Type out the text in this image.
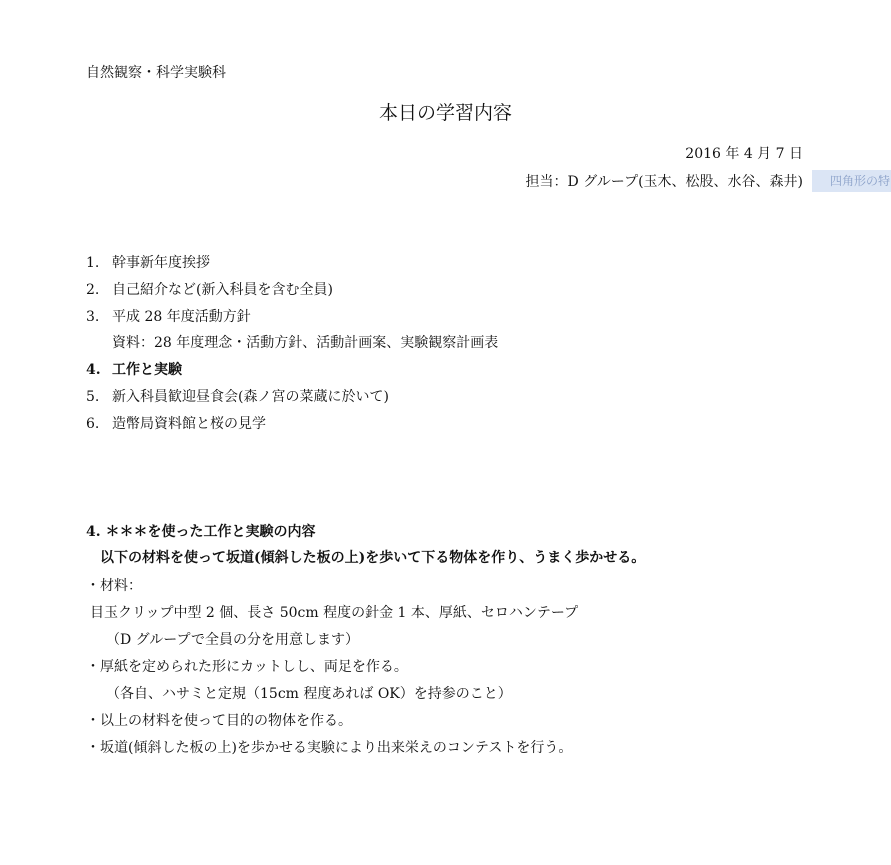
自然観察・科学実験科
本日の学習内容
2016 年 4 月 7 日
担当：D グループ(玉木、松股、水谷、森井)	四角形の特
1. 幹事新年度挨拶
2. 自己紹介など(新入科員を含む全員)
3. 平成 28 年度活動方針
資料：28 年度理念・活動方針、活動計画案、実験観察計画表
4. 工作と実験
5. 新入科員歓迎昼食会(森ノ宮の菜蔵に於いて)
6. 造幣局資料館と桜の見学
4. ＊＊＊を使った工作と実験の内容
以下の材料を使って坂道(傾斜した板の上)を歩いて下る物体を作り、うまく歩かせる。
・材料：
目玉クリップ中型 2 個、長さ 50cm 程度の針金 1 本、厚紙、セロハンテープ
（D グループで全員の分を用意します）
・厚紙を定められた形にカットしし、両足を作る。
（各自、ハサミと定規（15cm 程度あれば OK）を持参のこと）
・以上の材料を使って目的の物体を作る。
・坂道(傾斜した板の上)を歩かせる実験により出来栄えのコンテストを行う。
